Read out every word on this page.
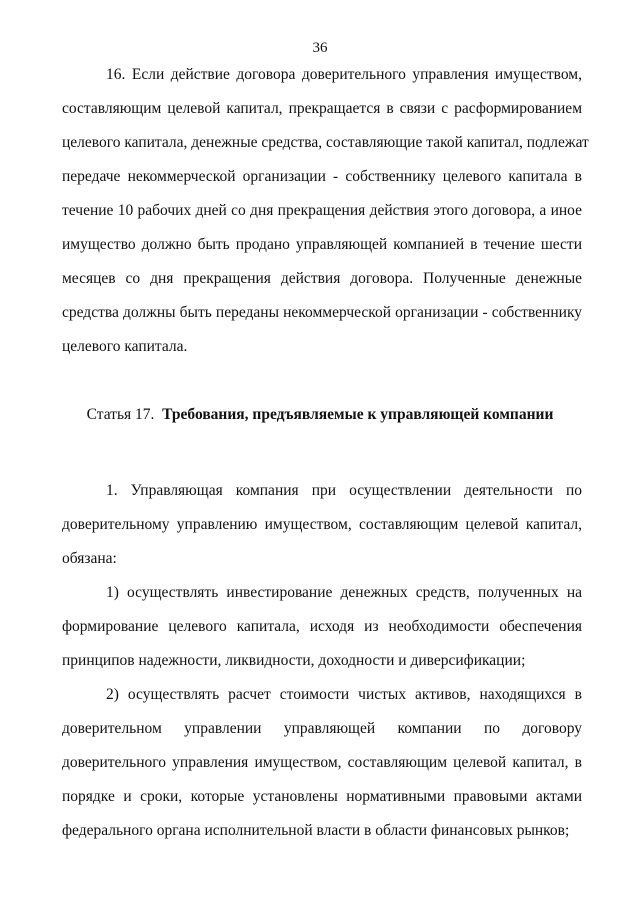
36
16. Если действие договора доверительного управления имуществом,
составляющим целевой капитал, прекращается в связи с расформированием
целевого капитала, денежные средства, составляющие такой капитал, подлежат
передаче некоммерческой организации - собственнику целевого капитала в
течение 10 рабочих дней со дня прекращения действия этого договора, а иное
имущество должно быть продано управляющей компанией в течение шести
месяцев со дня прекращения действия договора. Полученные денежные
средства должны быть переданы некоммерческой организации - собственнику
целевого капитала.
Статья 17. Требования, предъявляемые к управляющей компании
1. Управляющая компания при осуществлении деятельности по
доверительному управлению имуществом, составляющим целевой капитал,
обязана:
1) осуществлять инвестирование денежных средств, полученных на
формирование целевого капитала, исходя из необходимости обеспечения
принципов надежности, ликвидности, доходности и диверсификации;
2) осуществлять расчет стоимости чистых активов, находящихся в
доверительном управлении управляющей компании по договору
доверительного управления имуществом, составляющим целевой капитал, в
порядке и сроки, которые установлены нормативными правовыми актами
федерального органа исполнительной власти в области финансовых рынков;
